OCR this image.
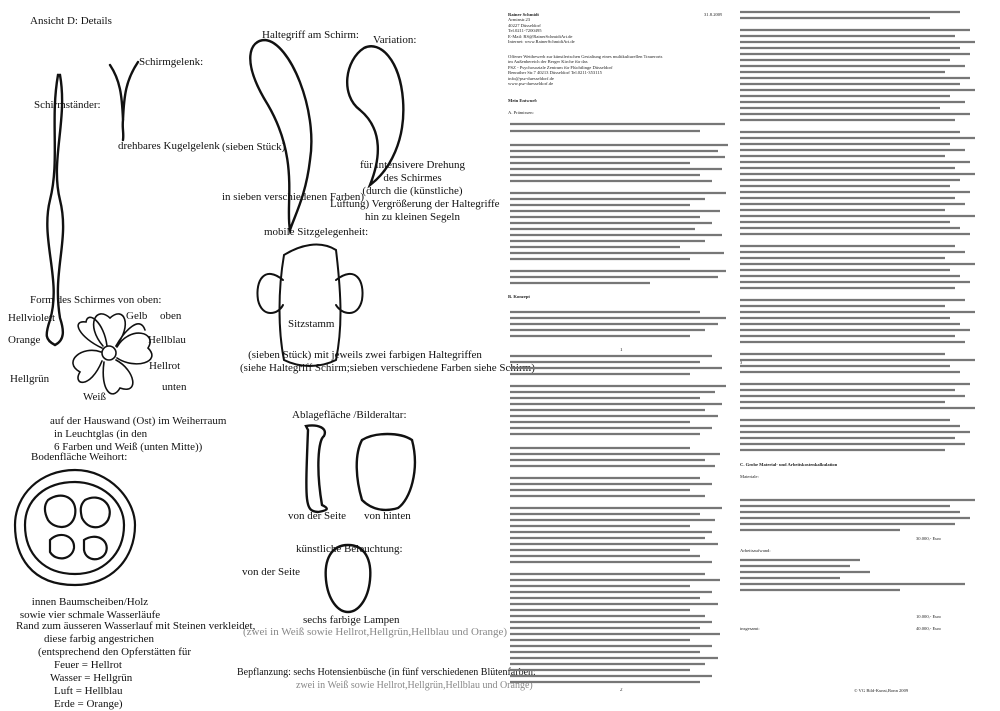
Ansicht D: Details
Schirmständer:
Schirmgelenk:
drehbares Kugelgelenk
Haltegriff am Schirm: Variation:
(sieben Stück)
in sieben verschiedenen Farben)
für intensivere Drehung
des Schirmes
(durch die (künstliche)
Lüftung) Vergrößerung der Haltegriffe
hin zu kleinen Segeln
mobile Sitzgelegenheit:
Sitzstamm
(sieben Stück) mit jeweils zwei farbigen Haltegriffen
(siehe Haltegriff Schirm;sieben verschiedene Farben siehe Schirm)
Form des Schirmes von oben:
Hellviolett	Gelb oben
Orange	Hellblau
Hellrot
Hellgrün
Weiß
unten
auf der Hauswand (Ost) im Weiherraum
in Leuchtglas (in den
6 Farben und Weiß (unten Mitte))
Ablagefläche /Bilderaltar:
von der Seite von hinten
Bodenfläche Weihort:
künstliche Beleuchtung:
von der Seite
sechs farbige Lampen
(zwei in Weiß sowie Hellrot,Hellgrün,Hellblau und Orange)
innen Baumscheiben/Holz
sowie vier schmale Wasserläufe
Rand zum äusseren Wasserlauf mit Steinen verkleidet,
diese farbig angestrichen
(entsprechend den Opferstätten für
Feuer = Hellrot
Wasser = Hellgrün
Luft = Hellblau
Erde = Orange)
Bepflanzung: sechs Hotensienbüsche (in fünf verschiedenen Blütenfarben:
zwei in Weiß sowie Hellrot,Hellgrün,Hellblau und Orange)
Rainer Schmidt
Arminstr.23
40227 Düsseldorf
Tel.0211-7200495
E-Mail: RS@RainerSchmidtArt.de
Internet: www.RainerSchmidtArt.de
31.8.2009
Offener Wettbewerb zur künstlerischen Gestaltung eines multikulturellen Trauerorts
im Außenbereich der Berger Kirche für das
PSZ - Psychosoziale Zentrum für Flüchtlinge Düsseldorf
Benrather Str.7 40213 Düsseldorf Tel.0211-353115
info@psz-duesseldorf.de
www.psz-duesseldorf.de
Mein Entwurf:
A. Prämissen:
B. Konzept
1
2
C. Grobe Material- und Arbeitskostenkalkulation
Materiale:
30.000,- Euro
Arbeitsaufwand:
10.000,- Euro
insgesamt:	40.000,- Euro
3
© VG Bild-Kunst,Bonn 2009
